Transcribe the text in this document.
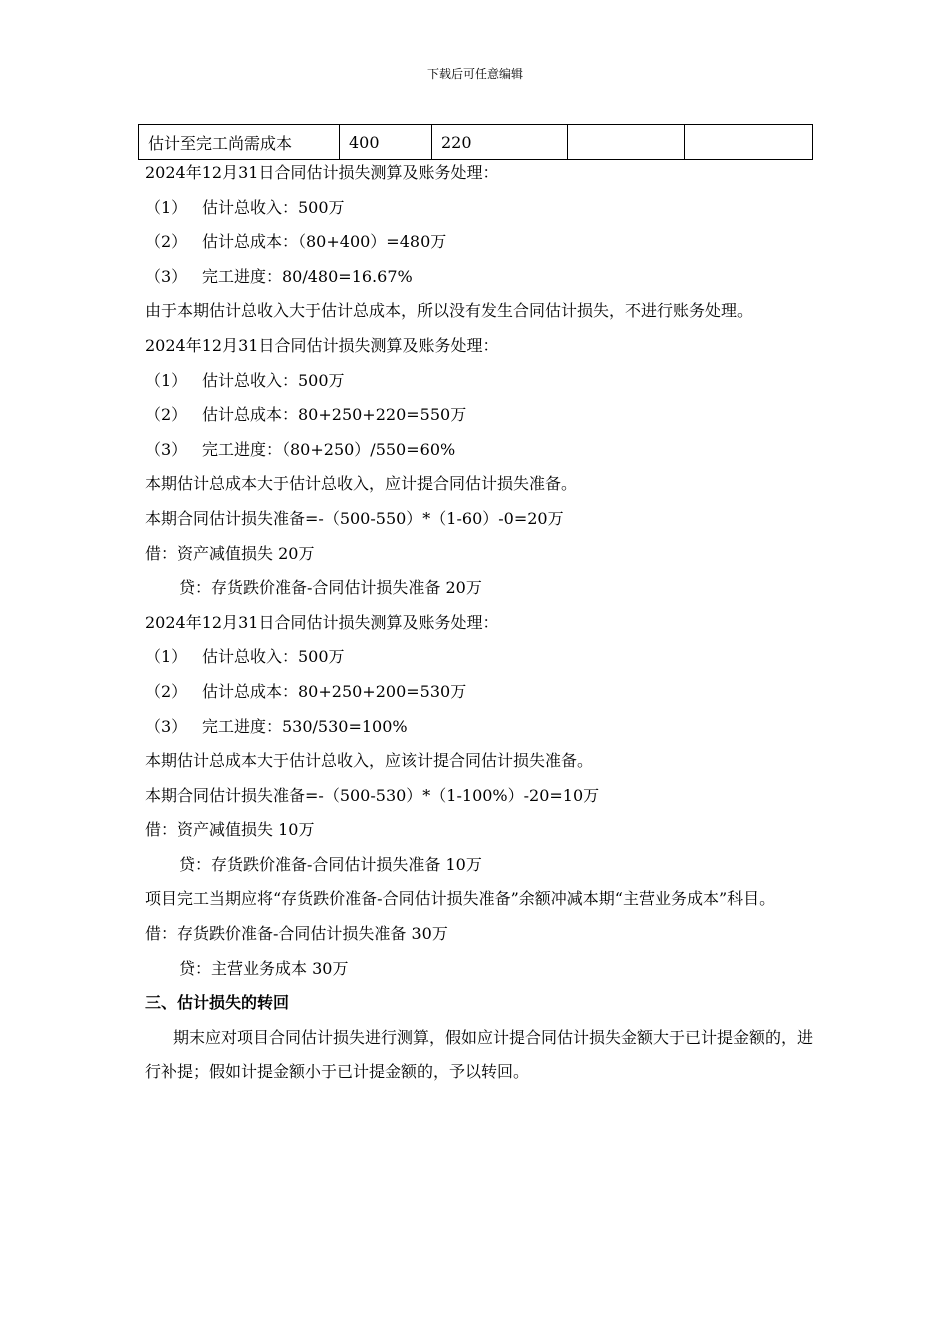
下载后可任意编辑
估计至完工尚需成本	400	220		
2024年12月31日合同估计损失测算及账务处理：
（1） 估计总收入：500万
（2） 估计总成本：（80+400）=480万
（3） 完工进度：80/480=16.67%
由于本期估计总收入大于估计总成本，所以没有发生合同估计损失，不进行账务处理。
2024年12月31日合同估计损失测算及账务处理：
（1） 估计总收入：500万
（2） 估计总成本：80+250+220=550万
（3） 完工进度：（80+250）/550=60%
本期估计总成本大于估计总收入，应计提合同估计损失准备。
本期合同估计损失准备=-（500-550）*（1-60）-0=20万
借：资产减值损失 20万
贷：存货跌价准备-合同估计损失准备 20万
2024年12月31日合同估计损失测算及账务处理：
（1） 估计总收入：500万
（2） 估计总成本：80+250+200=530万
（3） 完工进度：530/530=100%
本期估计总成本大于估计总收入，应该计提合同估计损失准备。
本期合同估计损失准备=-（500-530）*（1-100%）-20=10万
借：资产减值损失 10万
贷：存货跌价准备-合同估计损失准备 10万
项目完工当期应将“存货跌价准备-合同估计损失准备”余额冲减本期“主营业务成本”科目。
借：存货跌价准备-合同估计损失准备 30万
贷：主营业务成本 30万
三、估计损失的转回
期末应对项目合同估计损失进行测算，假如应计提合同估计损失金额大于已计提金额的，进行补提；假如计提金额小于已计提金额的，予以转回。
